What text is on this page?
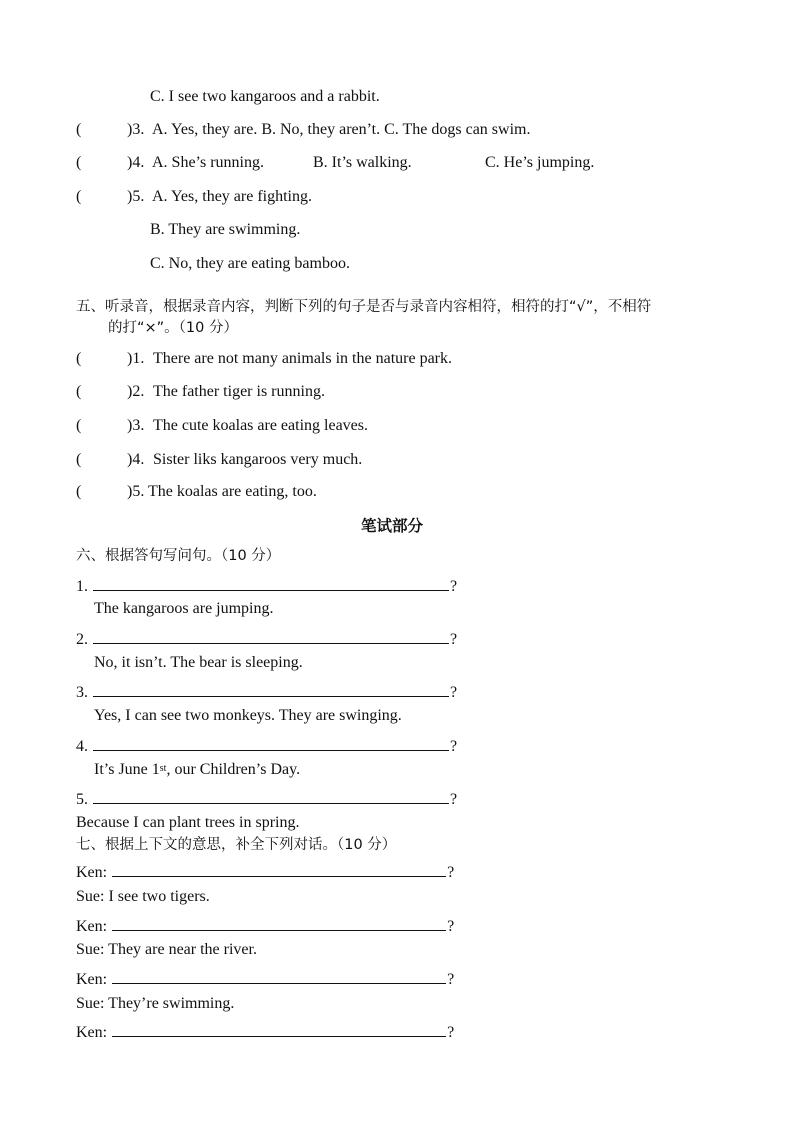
C. I see two kangaroos and a rabbit.
(	)3. A. Yes, they are. B. No, they aren’t. C. The dogs can swim.
(	)4. A. She’s running.	B. It’s walking.	C. He’s jumping.
(	)5. A. Yes, they are fighting.
B. They are swimming.
C. No, they are eating bamboo.
五、听录音，根据录音内容，判断下列的句子是否与录音内容相符，相符的打“√”，不相符
的打“×”。（10 分）
(	)1. There are not many animals in the nature park.
(	)2. The father tiger is running.
(	)3. The cute koalas are eating leaves.
(	)4. Sister liks kangaroos very much.
(	)5. The koalas are eating, too.
笔试部分
六、根据答句写问句。（10 分）
1.	?
The kangaroos are jumping.
2.	?
No, it isn’t. The bear is sleeping.
3.	?
Yes, I can see two monkeys. They are swinging.
4.	?
It’s June 1st, our Children’s Day.
5.	?
Because I can plant trees in spring.
七、根据上下文的意思，补全下列对话。（10 分）
Ken:	?
Sue: I see two tigers.
Ken:	?
Sue: They are near the river.
Ken:	?
Sue: They’re swimming.
Ken:	?
